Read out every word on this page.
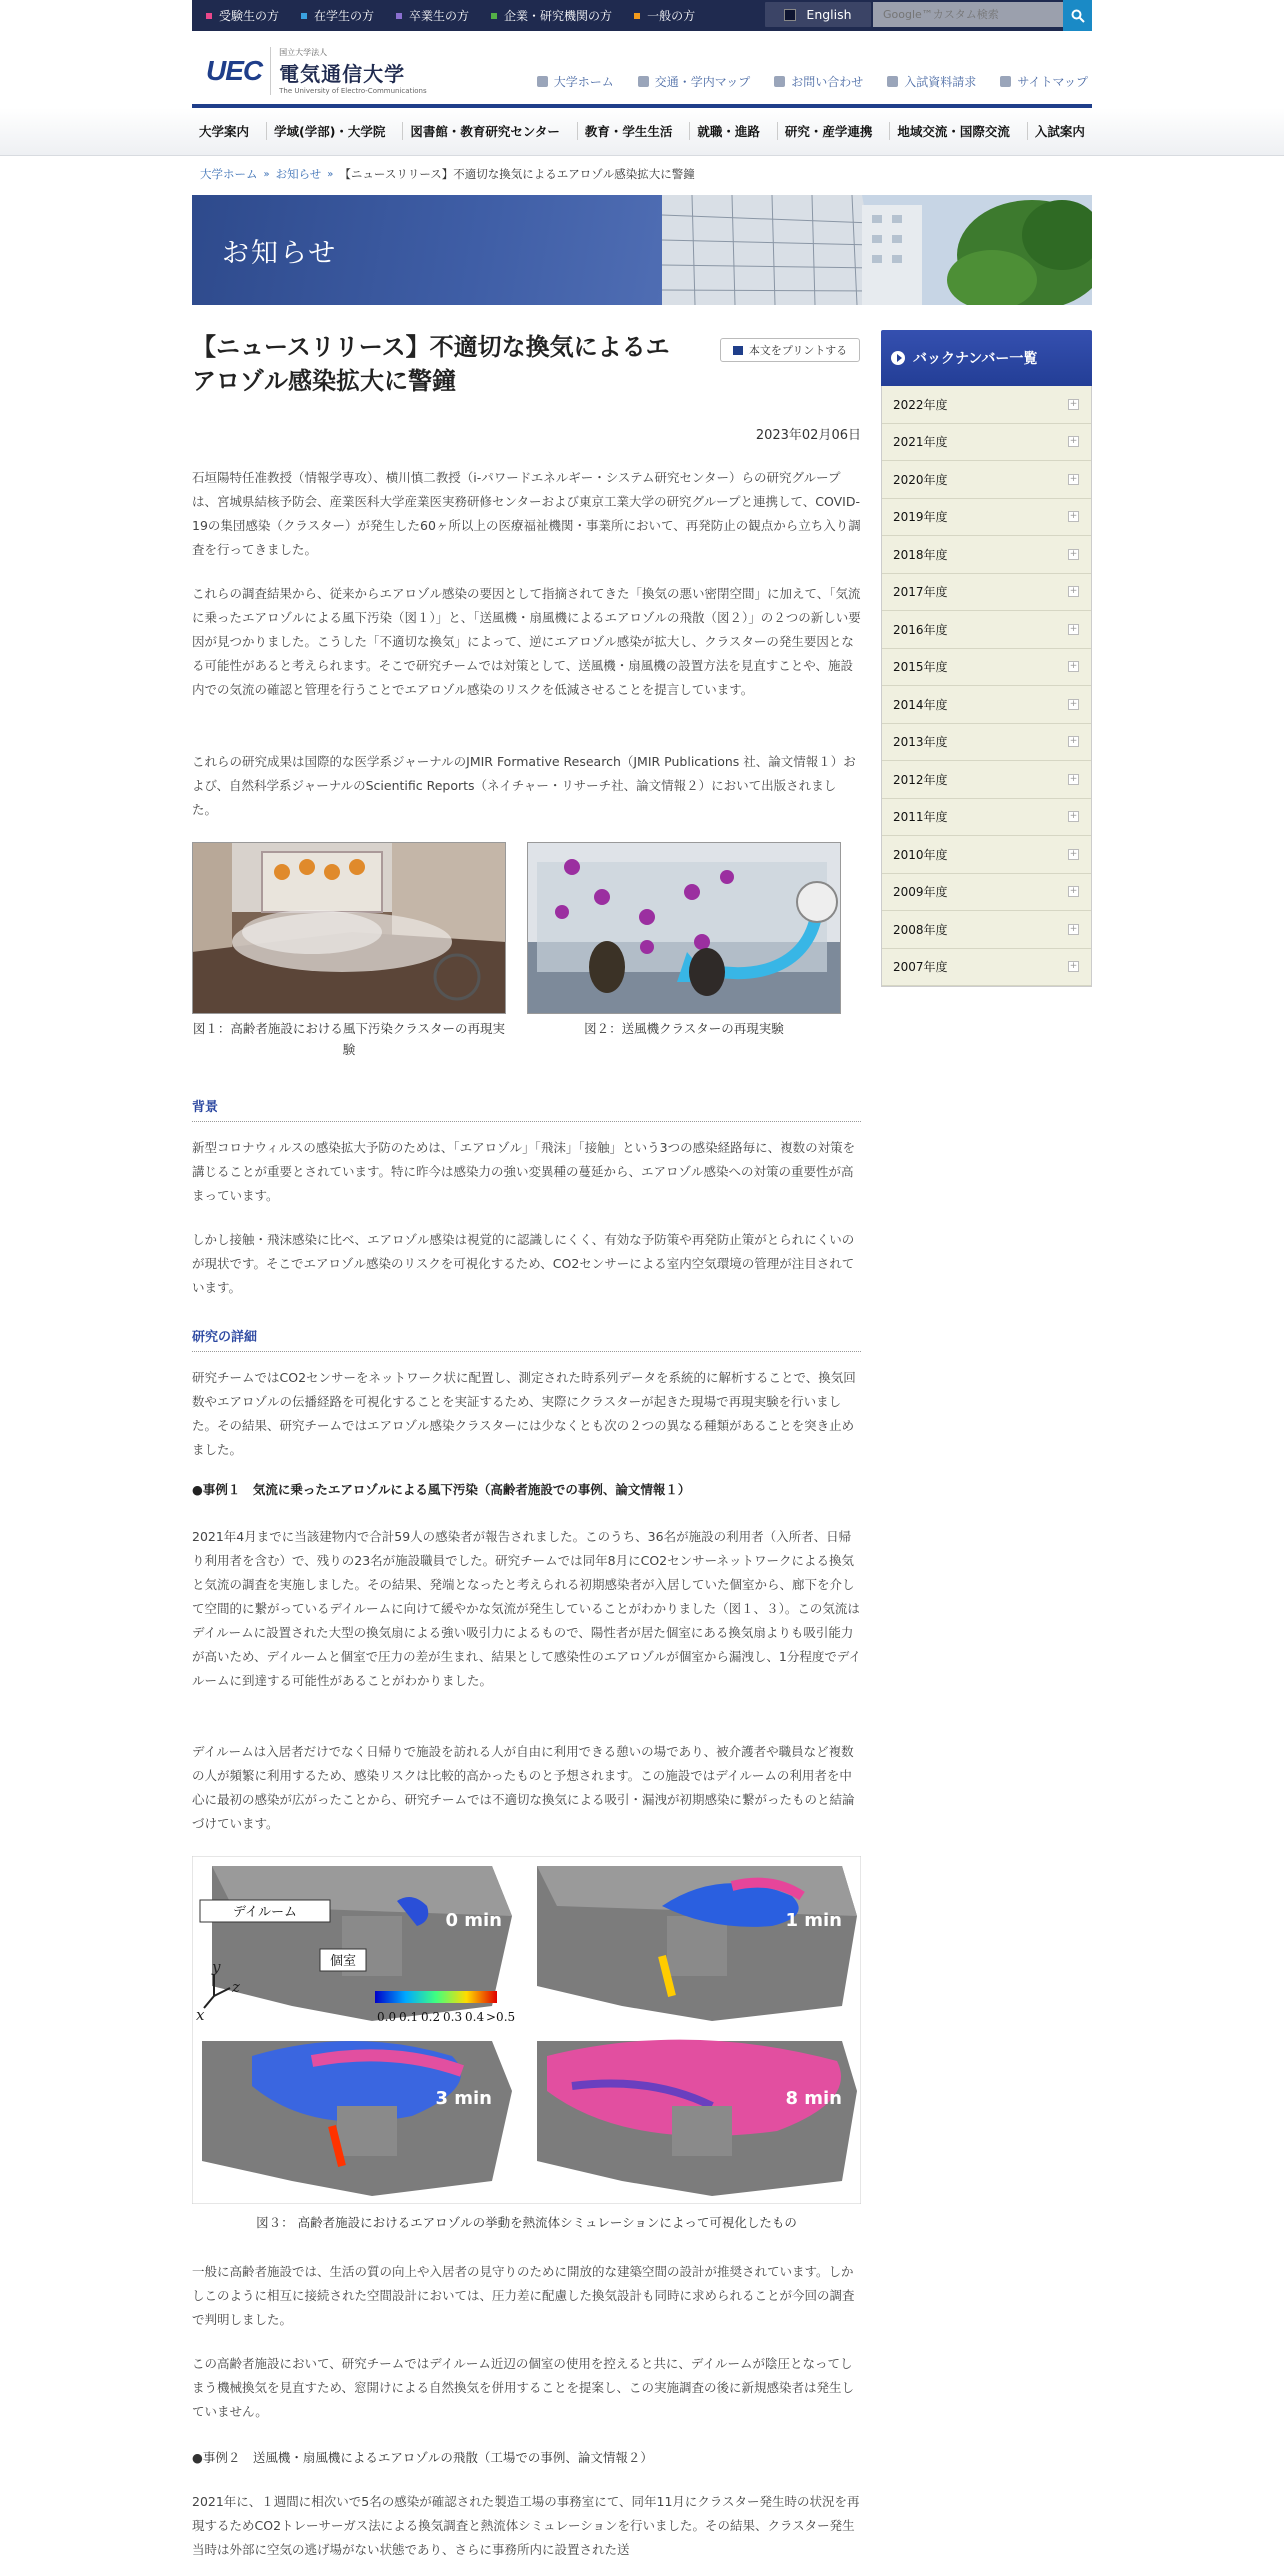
受験生の方	在学生の方	卒業生の方	企業・研究機関の方	一般の方	English
Google™カスタム検索
UEC
国立大学法人
電気通信大学
The University of Electro-Communications
大学ホーム	交通・学内マップ	お問い合わせ	入試資料請求	サイトマップ
大学案内	学域(学部)・大学院	図書館・教育研究センター	教育・学生生活	就職・進路	研究・産学連携	地域交流・国際交流	入試案内
大学ホーム » お知らせ » 【ニュースリリース】不適切な換気によるエアロゾル感染拡大に警鐘
お知らせ
【ニュースリリース】不適切な換気によるエアロゾル感染拡大に警鐘
本文をプリントする
2023年02月06日

石垣陽特任准教授（情報学専攻）、横川慎二教授（i-パワードエネルギー・システム研究センター）らの研究グループは、宮城県結核予防会、産業医科大学産業医実務研修センターおよび東京工業大学の研究グループと連携して、COVID-19の集団感染（クラスター）が発生した60ヶ所以上の医療福祉機関・事業所において、再発防止の観点から立ち入り調査を行ってきました。

これらの調査結果から、従来からエアロゾル感染の要因として指摘されてきた「換気の悪い密閉空間」に加えて、「気流に乗ったエアロゾルによる風下汚染（図１）」と、「送風機・扇風機によるエアロゾルの飛散（図２）」の２つの新しい要因が見つかりました。こうした「不適切な換気」によって、逆にエアロゾル感染が拡大し、クラスターの発生要因となる可能性があると考えられます。そこで研究チームでは対策として、送風機・扇風機の設置方法を見直すことや、施設内での気流の確認と管理を行うことでエアロゾル感染のリスクを低減させることを提言しています。

これらの研究成果は国際的な医学系ジャーナルのJMIR Formative Research（JMIR Publications 社、論文情報１）および、自然科学系ジャーナルのScientific Reports（ネイチャー・リサーチ社、論文情報２）において出版されました。

図１：高齢者施設における風下汚染クラスターの再現実験
図２：送風機クラスターの再現実験
背景

新型コロナウィルスの感染拡大予防のためは、「エアロゾル」「飛沫」「接触」という3つの感染経路毎に、複数の対策を講じることが重要とされています。特に昨今は感染力の強い変異種の蔓延から、エアロゾル感染への対策の重要性が高まっています。

しかし接触・飛沫感染に比べ、エアロゾル感染は視覚的に認識しにくく、有効な予防策や再発防止策がとられにくいのが現状です。そこでエアロゾル感染のリスクを可視化するため、CO2センサーによる室内空気環境の管理が注目されています。

研究の詳細

研究チームではCO2センサーをネットワーク状に配置し、測定された時系列データを系統的に解析することで、換気回数やエアロゾルの伝播経路を可視化することを実証するため、実際にクラスターが起きた現場で再現実験を行いました。その結果、研究チームではエアロゾル感染クラスターには少なくとも次の２つの異なる種類があることを突き止めました。

●事例１　気流に乗ったエアロゾルによる風下汚染（高齢者施設での事例、論文情報１）

2021年4月までに当該建物内で合計59人の感染者が報告されました。このうち、36名が施設の利用者（入所者、日帰り利用者を含む）で、残りの23名が施設職員でした。研究チームでは同年8月にCO2センサーネットワークによる換気と気流の調査を実施しました。その結果、発端となったと考えられる初期感染者が入居していた個室から、廊下を介して空間的に繋がっているデイルームに向けて緩やかな気流が発生していることがわかりました（図１、３）。この気流はデイルームに設置された大型の換気扇による強い吸引力によるもので、陽性者が居た個室にある換気扇よりも吸引能力が高いため、デイルームと個室で圧力の差が生まれ、結果として感染性のエアロゾルが個室から漏洩し、1分程度でデイルームに到達する可能性があることがわかりました。

デイルームは入居者だけでなく日帰りで施設を訪れる人が自由に利用できる憩いの場であり、被介護者や職員など複数の人が頻繁に利用するため、感染リスクは比較的高かったものと予想されます。この施設ではデイルームの利用者を中心に最初の感染が広がったことから、研究チームでは不適切な換気による吸引・漏洩が初期感染に繋がったものと結論づけています。

0 min
デイルーム
個室
y
z
x	0.0 0.1 0.2 0.3 0.4 >0.5
1 min
3 min	8 min
図３： 高齢者施設におけるエアロゾルの挙動を熱流体シミュレーションによって可視化したもの

一般に高齢者施設では、生活の質の向上や入居者の見守りのために開放的な建築空間の設計が推奨されています。しかしこのように相互に接続された空間設計においては、圧力差に配慮した換気設計も同時に求められることが今回の調査で判明しました。

この高齢者施設において、研究チームではデイルーム近辺の個室の使用を控えると共に、デイルームが陰圧となってしまう機械換気を見直すため、窓開けによる自然換気を併用することを提案し、この実施調査の後に新規感染者は発生していません。

●事例２　送風機・扇風機によるエアロゾルの飛散（工場での事例、論文情報２）

2021年に、１週間に相次いで5名の感染が確認された製造工場の事務室にて、同年11月にクラスター発生時の状況を再現するためCO2トレーサーガス法による換気調査と熱流体シミュレーションを行いました。その結果、クラスター発生当時は外部に空気の逃げ場がない状態であり、さらに事務所内に設置された送

バックナンバー一覧
2022年度	+
2021年度	+
2020年度	+
2019年度	+
2018年度	+
2017年度	+
2016年度	+
2015年度	+
2014年度	+
2013年度	+
2012年度	+
2011年度	+
2010年度	+
2009年度	+
2008年度	+
2007年度	+
